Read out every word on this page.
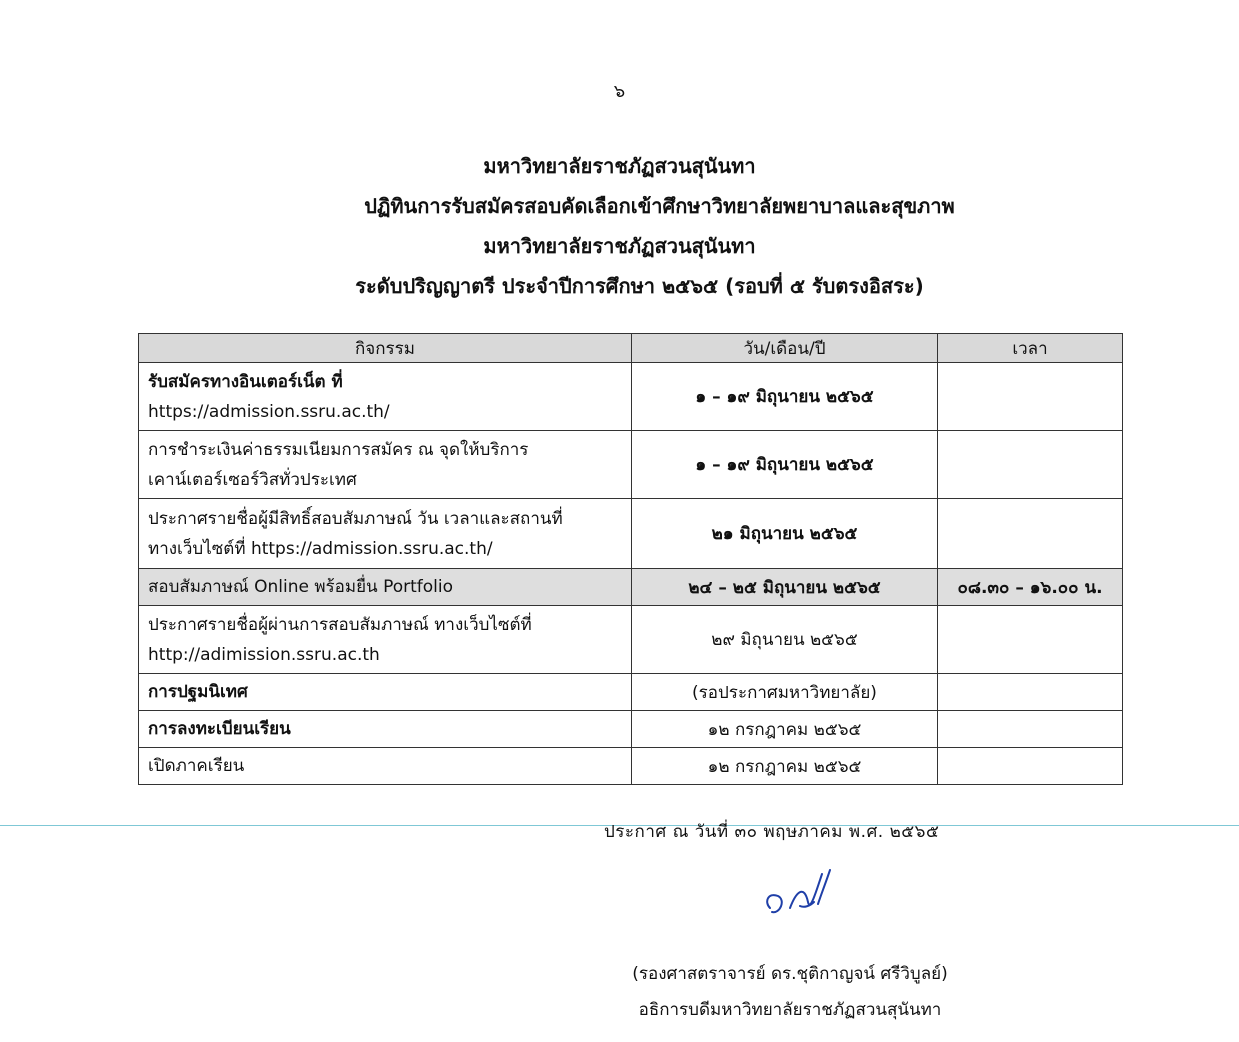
๖
มหาวิทยาลัยราชภัฏสวนสุนันทา
ปฏิทินการรับสมัครสอบคัดเลือกเข้าศึกษาวิทยาลัยพยาบาลและสุขภาพ
มหาวิทยาลัยราชภัฏสวนสุนันทา
ระดับปริญญาตรี ประจำปีการศึกษา ๒๕๖๕ (รอบที่ ๕ รับตรงอิสระ)
กิจกรรม	วัน/เดือน/ปี	เวลา

รับสมัครทางอินเตอร์เน็ต ที่
https://admission.ssru.ac.th/	๑ – ๑๙ มิถุนายน ๒๕๖๕	

การชำระเงินค่าธรรมเนียมการสมัคร ณ จุดให้บริการ
เคาน์เตอร์เซอร์วิสทั่วประเทศ	๑ – ๑๙ มิถุนายน ๒๕๖๕	

ประกาศรายชื่อผู้มีสิทธิ์สอบสัมภาษณ์ วัน เวลาและสถานที่
ทางเว็บไซต์ที่ https://admission.ssru.ac.th/	๒๑ มิถุนายน ๒๕๖๕	
สอบสัมภาษณ์ Online พร้อมยื่น Portfolio	๒๔ – ๒๕ มิถุนายน ๒๕๖๕	๐๘.๓๐ – ๑๖.๐๐ น.

ประกาศรายชื่อผู้ผ่านการสอบสัมภาษณ์ ทางเว็บไซต์ที่
http://adimission.ssru.ac.th	๒๙ มิถุนายน ๒๕๖๕	
การปฐมนิเทศ	(รอประกาศมหาวิทยาลัย)	
การลงทะเบียนเรียน	๑๒ กรกฎาคม ๒๕๖๕	
เปิดภาคเรียน	๑๒ กรกฎาคม ๒๕๖๕	
ประกาศ ณ วันที่ ๓๐ พฤษภาคม พ.ศ. ๒๕๖๕
(รองศาสตราจารย์ ดร.ชุติกาญจน์ ศรีวิบูลย์)
อธิการบดีมหาวิทยาลัยราชภัฏสวนสุนันทา
